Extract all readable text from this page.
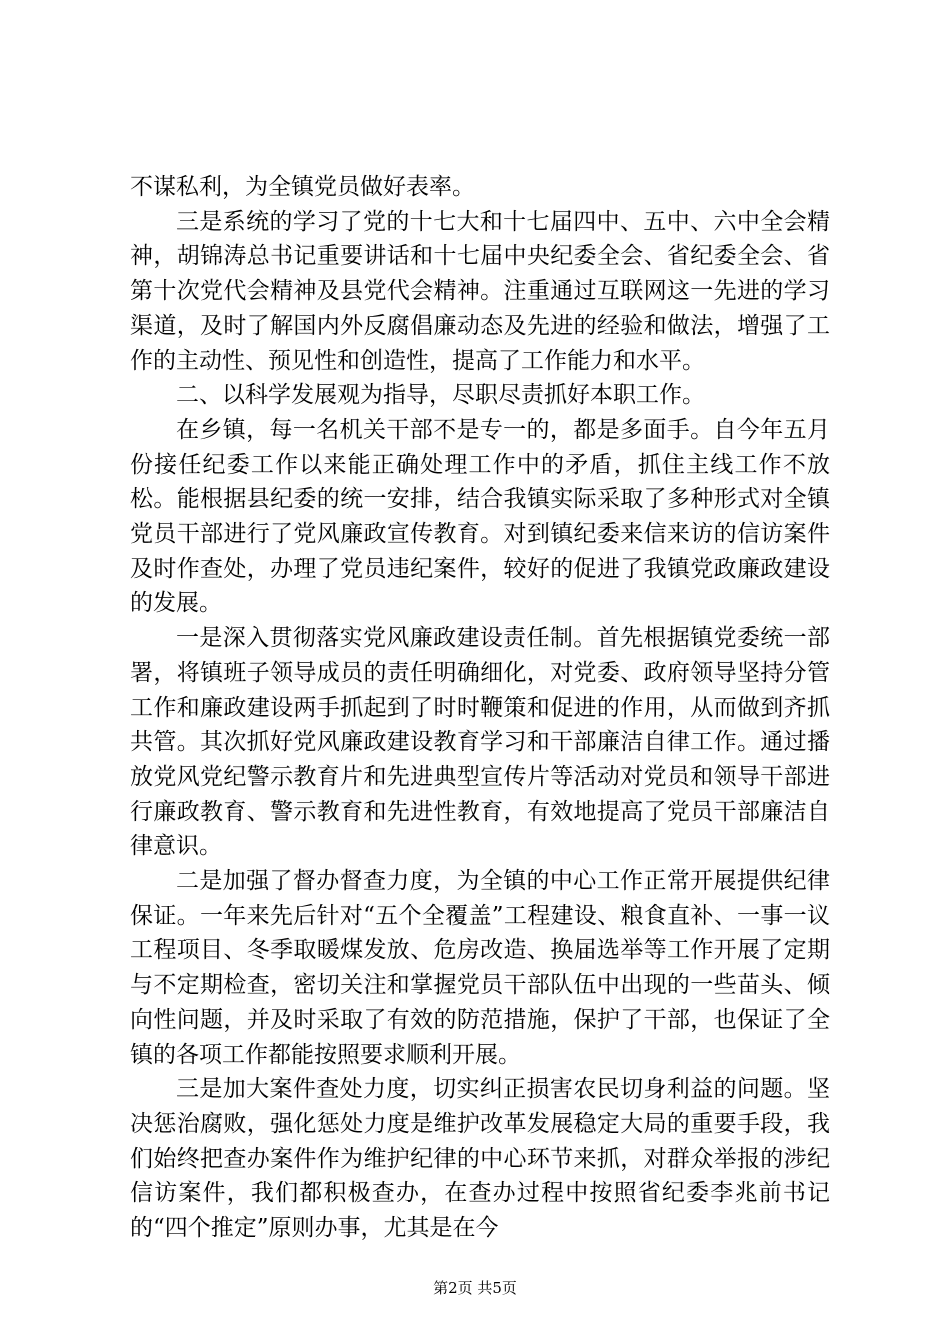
不谋私利，为全镇党员做好表率。

三是系统的学习了党的十七大和十七届四中、五中、六中全会精神，胡锦涛总书记重要讲话和十七届中央纪委全会、省纪委全会、省第十次党代会精神及县党代会精神。注重通过互联网这一先进的学习渠道，及时了解国内外反腐倡廉动态及先进的经验和做法，增强了工作的主动性、预见性和创造性，提高了工作能力和水平。

二、以科学发展观为指导，尽职尽责抓好本职工作。

在乡镇，每一名机关干部不是专一的，都是多面手。自今年五月份接任纪委工作以来能正确处理工作中的矛盾，抓住主线工作不放松。能根据县纪委的统一安排，结合我镇实际采取了多种形式对全镇党员干部进行了党风廉政宣传教育。对到镇纪委来信来访的信访案件及时作查处，办理了党员违纪案件，较好的促进了我镇党政廉政建设的发展。

一是深入贯彻落实党风廉政建设责任制。首先根据镇党委统一部署，将镇班子领导成员的责任明确细化，对党委、政府领导坚持分管工作和廉政建设两手抓起到了时时鞭策和促进的作用，从而做到齐抓共管。其次抓好党风廉政建设教育学习和干部廉洁自律工作。通过播放党风党纪警示教育片和先进典型宣传片等活动对党员和领导干部进行廉政教育、警示教育和先进性教育，有效地提高了党员干部廉洁自律意识。

二是加强了督办督查力度，为全镇的中心工作正常开展提供纪律保证。一年来先后针对“五个全覆盖”工程建设、粮食直补、一事一议工程项目、冬季取暖煤发放、危房改造、换届选举等工作开展了定期与不定期检查，密切关注和掌握党员干部队伍中出现的一些苗头、倾向性问题，并及时采取了有效的防范措施，保护了干部，也保证了全镇的各项工作都能按照要求顺利开展。

三是加大案件查处力度，切实纠正损害农民切身利益的问题。坚决惩治腐败，强化惩处力度是维护改革发展稳定大局的重要手段，我们始终把查办案件作为维护纪律的中心环节来抓，对群众举报的涉纪信访案件，我们都积极查办，在查办过程中按照省纪委李兆前书记的“四个推定”原则办事，尤其是在今

第2页 共5页
